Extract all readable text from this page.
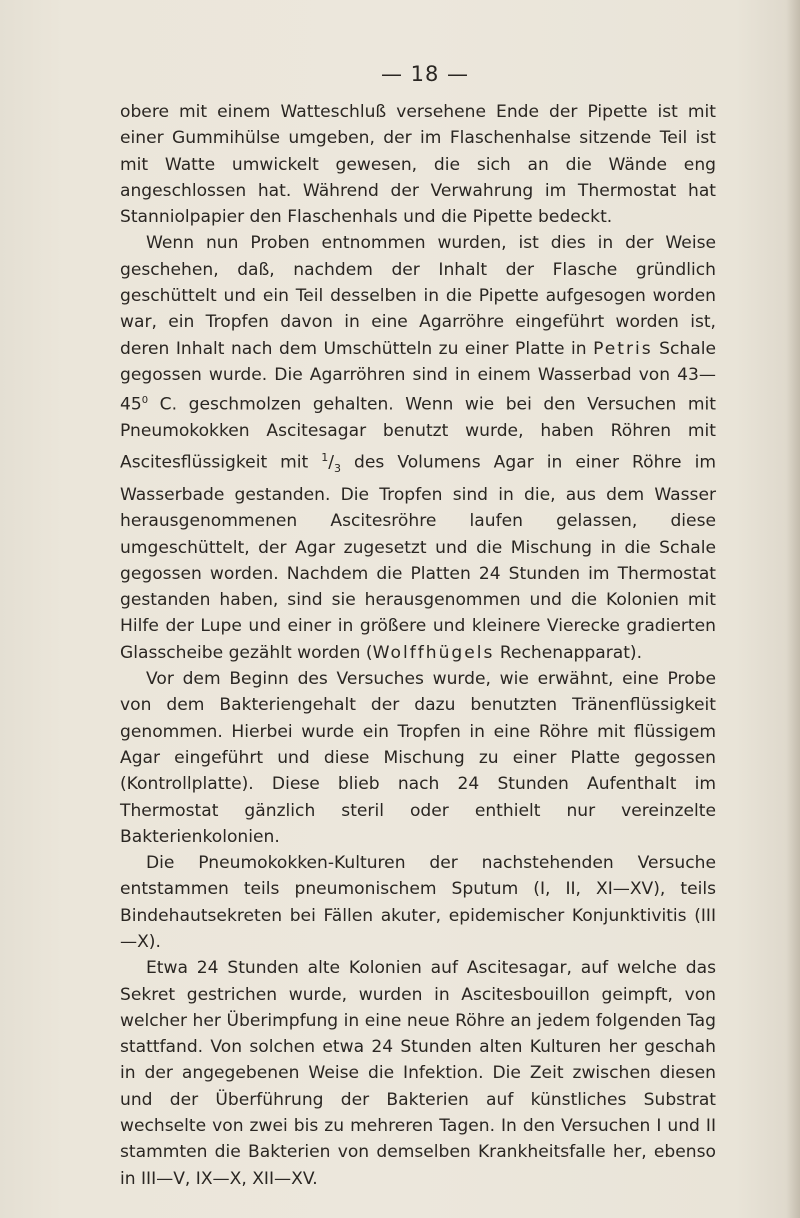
— 18 —

obere mit einem Watteschluß versehene Ende der Pipette ist mit einer Gummihülse umgeben, der im Flaschenhalse sitzende Teil ist mit Watte umwickelt gewesen, die sich an die Wände eng angeschlossen hat. Während der Verwahrung im Thermostat hat Stanniolpapier den Flaschenhals und die Pipette bedeckt.

Wenn nun Proben entnommen wurden, ist dies in der Weise geschehen, daß, nachdem der Inhalt der Flasche gründlich geschüttelt und ein Teil desselben in die Pipette aufgesogen worden war, ein Tropfen davon in eine Agarröhre eingeführt worden ist, deren Inhalt nach dem Umschütteln zu einer Platte in Petris Schale gegossen wurde. Die Agarröhren sind in einem Wasserbad von $43—45^0$ C. geschmolzen gehalten. Wenn wie bei den Versuchen mit Pneumokokken Ascitesagar benutzt wurde, haben Röhren mit Ascitesflüssigkeit mit $^1/_3$ des Volumens Agar in einer Röhre im Wasserbade gestanden. Die Tropfen sind in die, aus dem Wasser herausgenommenen Ascitesröhre laufen gelassen, diese umgeschüttelt, der Agar zugesetzt und die Mischung in die Schale gegossen worden. Nachdem die Platten 24 Stunden im Thermostat gestanden haben, sind sie herausgenommen und die Kolonien mit Hilfe der Lupe und einer in größere und kleinere Vierecke gradierten Glasscheibe gezählt worden (Wolffhügels Rechenapparat).

Vor dem Beginn des Versuches wurde, wie erwähnt, eine Probe von dem Bakteriengehalt der dazu benutzten Tränenflüssigkeit genommen. Hierbei wurde ein Tropfen in eine Röhre mit flüssigem Agar eingeführt und diese Mischung zu einer Platte gegossen (Kontrollplatte). Diese blieb nach 24 Stunden Aufenthalt im Thermostat gänzlich steril oder enthielt nur vereinzelte Bakterienkolonien.

Die Pneumokokken-Kulturen der nachstehenden Versuche entstammen teils pneumonischem Sputum (I, II, XI—XV), teils Bindehautsekreten bei Fällen akuter, epidemischer Konjunktivitis (III—X).

Etwa 24 Stunden alte Kolonien auf Ascitesagar, auf welche das Sekret gestrichen wurde, wurden in Ascitesbouillon geimpft, von welcher her Überimpfung in eine neue Röhre an jedem folgenden Tag stattfand. Von solchen etwa 24 Stunden alten Kulturen her geschah in der angegebenen Weise die Infektion. Die Zeit zwischen diesen und der Überführung der Bakterien auf künstliches Substrat wechselte von zwei bis zu mehreren Tagen. In den Versuchen I und II stammten die Bakterien von demselben Krankheitsfalle her, ebenso in III—V, IX—X, XII—XV.
